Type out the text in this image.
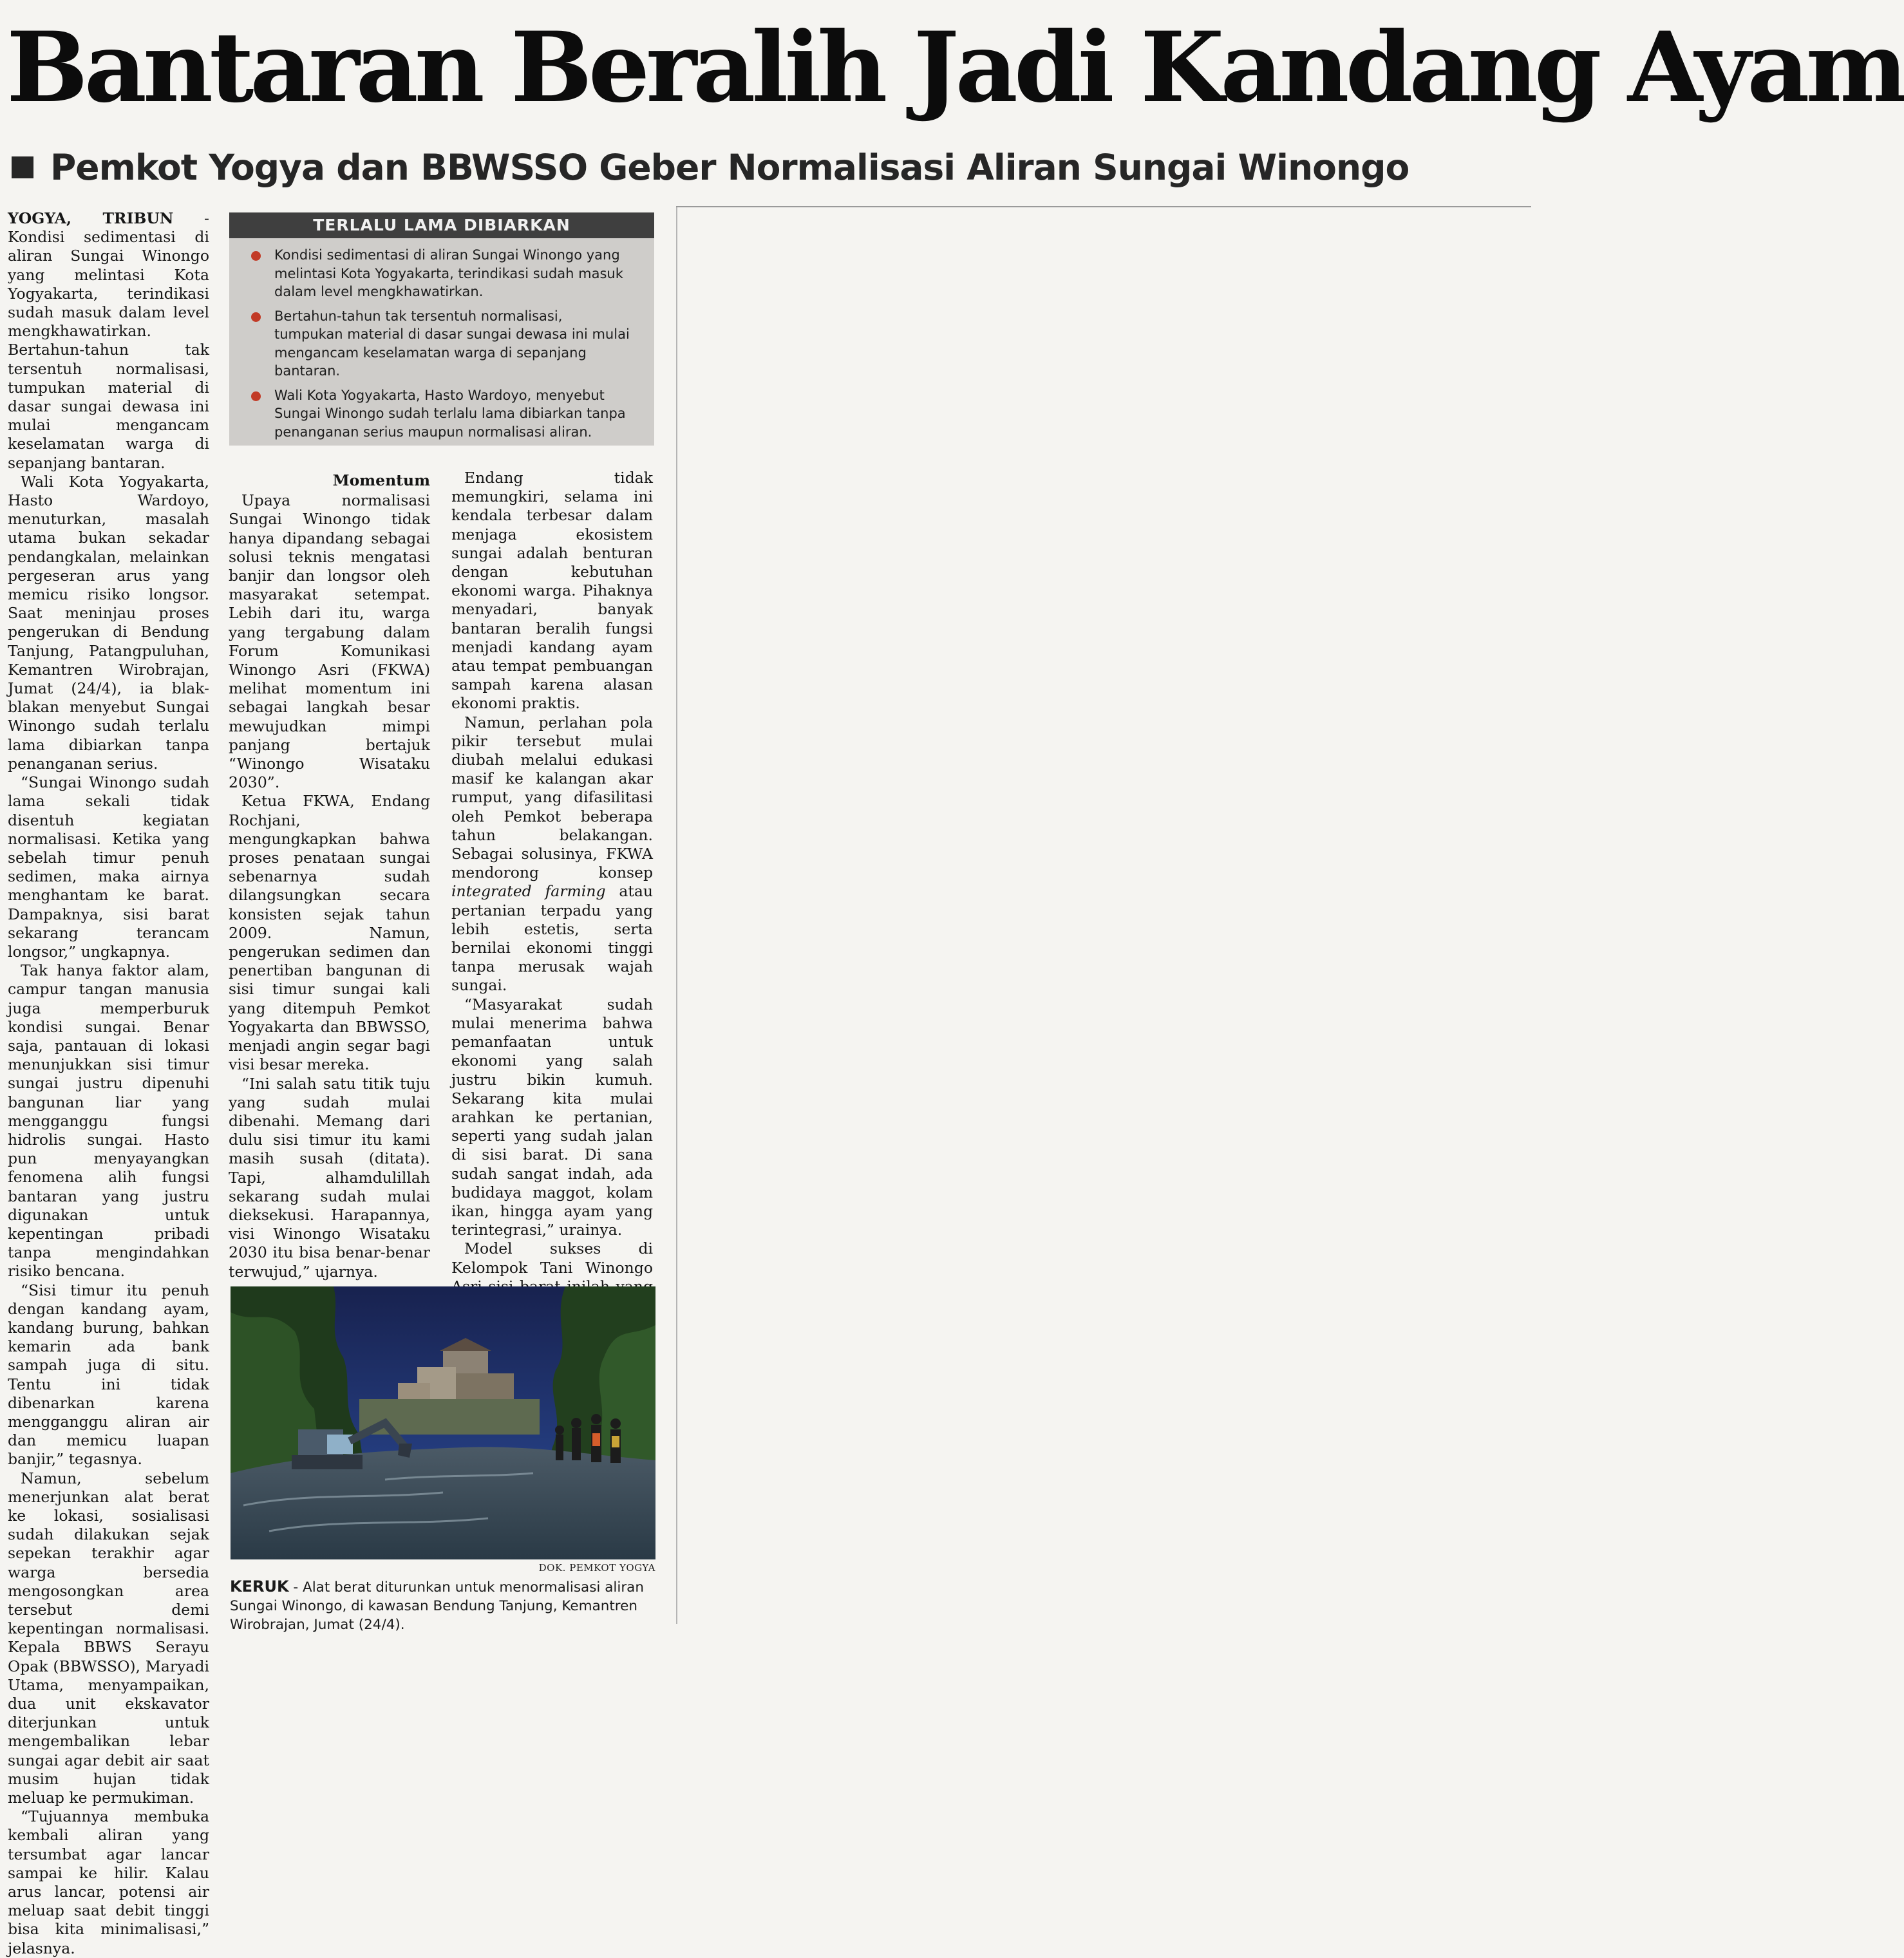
Bantaran Beralih Jadi Kandang Ayam
Pemkot Yogya dan BBWSSO Geber Normalisasi Aliran Sungai Winongo

YOGYA, TRIBUN - Kondisi sedimentasi di aliran Sungai Winongo yang melintasi Kota Yogyakarta, terindikasi sudah masuk dalam level mengkhawatirkan. Bertahun-tahun tak tersentuh normalisasi, tumpukan material di dasar sungai dewasa ini mulai mengancam keselamatan warga di sepanjang bantaran.

Wali Kota Yogyakarta, Hasto Wardoyo, menuturkan, masalah utama bukan sekadar pendangkalan, melainkan pergeseran arus yang memicu risiko longsor. Saat meninjau proses pengerukan di Bendung Tanjung, Patangpuluhan, Kemantren Wirobrajan, Jumat (24/4), ia blak-blakan menyebut Sungai Winongo sudah terlalu lama dibiarkan tanpa penanganan serius.

“Sungai Winongo sudah lama sekali tidak disentuh kegiatan normalisasi. Ketika yang sebelah timur penuh sedimen, maka airnya menghantam ke barat. Dampaknya, sisi barat sekarang terancam longsor,” ungkapnya.

Tak hanya faktor alam, campur tangan manusia juga memperburuk kondisi sungai. Benar saja, pantauan di lokasi menunjukkan sisi timur sungai justru dipenuhi bangunan liar yang mengganggu fungsi hidrolis sungai. Hasto pun menyayangkan fenomena alih fungsi bantaran yang justru digunakan untuk kepentingan pribadi tanpa mengindahkan risiko bencana.

“Sisi timur itu penuh dengan kandang ayam, kandang burung, bahkan kemarin ada bank sampah juga di situ. Tentu ini tidak dibenarkan karena mengganggu aliran air dan memicu luapan banjir,” tegasnya.

Namun, sebelum menerjunkan alat berat ke lokasi, sosialisasi sudah dilakukan sejak sepekan terakhir agar warga bersedia mengosongkan area tersebut demi kepentingan normalisasi. Kepala BBWS Serayu Opak (BBWSSO), Maryadi Utama, menyampaikan, dua unit ekskavator diterjunkan untuk mengembalikan lebar sungai agar debit air saat musim hujan tidak meluap ke permukiman.

“Tujuannya membuka kembali aliran yang tersumbat agar lancar sampai ke hilir. Kalau arus lancar, potensi air meluap saat debit tinggi bisa kita minimalisasi,” jelasnya.

TERLALU LAMA DIBIARKAN
Kondisi sedimentasi di aliran Sungai Winongo yang melintasi Kota Yogyakarta, terindikasi sudah masuk dalam level mengkhawatirkan.
Bertahun-tahun tak tersentuh normalisasi, tumpukan material di dasar sungai dewasa ini mulai mengancam keselamatan warga di sepanjang bantaran.
Wali Kota Yogyakarta, Hasto Wardoyo, menyebut Sungai Winongo sudah terlalu lama dibiarkan tanpa penanganan serius maupun normalisasi aliran.

Momentum

Upaya normalisasi Sungai Winongo tidak hanya dipandang sebagai solusi teknis mengatasi banjir dan longsor oleh masyarakat setempat. Lebih dari itu, warga yang tergabung dalam Forum Komunikasi Winongo Asri (FKWA) melihat momentum ini sebagai langkah besar mewujudkan mimpi panjang bertajuk “Winongo Wisataku 2030”.

Ketua FKWA, Endang Rochjani, mengungkapkan bahwa proses penataan sungai sebenarnya sudah dilangsungkan secara konsisten sejak tahun 2009. Namun, pengerukan sedimen dan penertiban bangunan di sisi timur sungai kali yang ditempuh Pemkot Yogyakarta dan BBWSSO, menjadi angin segar bagi visi besar mereka.

“Ini salah satu titik tuju yang sudah mulai dibenahi. Memang dari dulu sisi timur itu kami masih susah (ditata). Tapi, alhamdulillah sekarang sudah mulai dieksekusi. Harapannya, visi Winongo Wisataku 2030 itu bisa benar-benar terwujud,” ujarnya.

Endang tidak memungkiri, selama ini kendala terbesar dalam menjaga ekosistem sungai adalah benturan dengan kebutuhan ekonomi warga. Pihaknya menyadari, banyak bantaran beralih fungsi menjadi kandang ayam atau tempat pembuangan sampah karena alasan ekonomi praktis.

Namun, perlahan pola pikir tersebut mulai diubah melalui edukasi masif ke kalangan akar rumput, yang difasilitasi oleh Pemkot beberapa tahun belakangan. Sebagai solusinya, FKWA mendorong konsep integrated farming atau pertanian terpadu yang lebih estetis, serta bernilai ekonomi tinggi tanpa merusak wajah sungai.

“Masyarakat sudah mulai menerima bahwa pemanfaatan untuk ekonomi yang salah justru bikin kumuh. Sekarang kita mulai arahkan ke pertanian, seperti yang sudah jalan di sisi barat. Di sana sudah sangat indah, ada budidaya maggot, kolam ikan, hingga ayam yang terintegrasi,” urainya.

Model sukses di Kelompok Tani Winongo

DOK. PEMKOT YOGYA
KERUK - Alat berat diturunkan untuk menormalisasi aliran Sungai Winongo, di kawasan Bendung Tanjung, Kemantren Wirobrajan, Jumat (24/4).
